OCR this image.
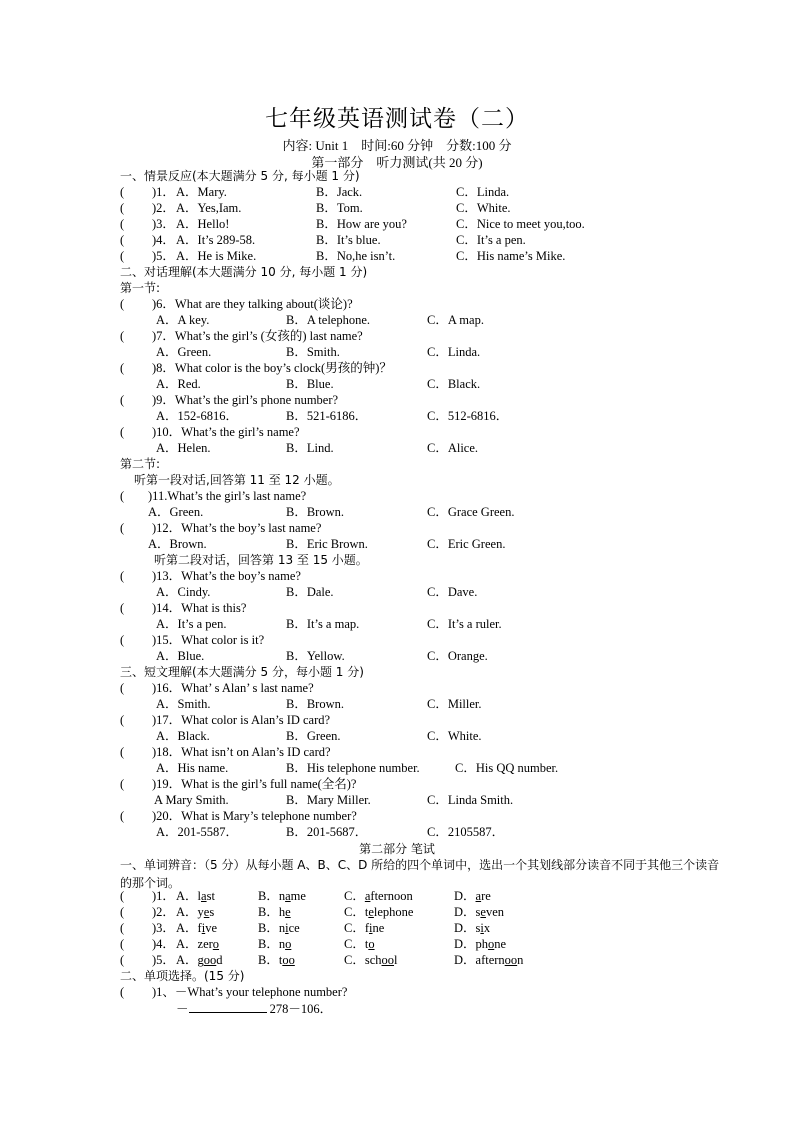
七年级英语测试卷（二）
内容: Unit 1　时间:60 分钟　分数:100 分
第一部分　听力测试(共 20 分)
一、情景反应(本大题满分 5 分, 每小题 1 分)
( )1． A．Mary.	B．Jack.	C．Linda.
( )2． A．Yes,Iam.	B．Tom.	C．White.
( )3． A．Hello!	B．How are you?	C．Nice to meet you,too.
( )4． A．It’s 289-58.	B．It’s blue.	C．It’s a pen.
( )5． A．He is Mike.	B．No,he isn’t.	C．His name’s Mike.
二、对话理解(本大题满分 10 分, 每小题 1 分)
第一节:
( )6．What are they talking about(谈论)?
A．A key.	B．A telephone.	C．A map.
( )7．What’s the girl’s (女孩的) last name?
A．Green.	B．Smith.	C．Linda.
( )8．What color is the boy’s clock(男孩的钟)？
A．Red.	B．Blue.	C．Black.
( )9．What’s the girl’s phone number?
A．152-6816．	B．521-6186．	C．512-6816．
( )10．What’s the girl’s name?
A．Helen.	B．Lind.	C．Alice.
第二节:
听第一段对话,回答第 11 至 12 小题。
( )11.What’s the girl’s last name?
A．Green.	B．Brown.	C．Grace Green.
( )12．What’s the boy’s last name?
A．Brown.	B．Eric Brown.	C．Eric Green.
听第二段对话，回答第 13 至 15 小题。
( )13．What’s the boy’s name?
A．Cindy.	B．Dale.	C．Dave.
( )14．What is this?
A．It’s a pen.	B．It’s a map.	C．It’s a ruler.
( )15．What color is it?
A．Blue.	B．Yellow.	C．Orange.
三、短文理解(本大题满分 5 分，每小题 1 分)
( )16．What’ s Alan’ s last name?
A．Smith.	B．Brown.	C．Miller.
( )17．What color is Alan’s ID card?
A．Black.	B．Green.	C．White.
( )18．What isn’t on Alan’s ID card?
A．His name.	B．His telephone number.	C．His QQ number.
( )19．What is the girl’s full name(全名)?
A Mary Smith.	B．Mary Miller.	C．Linda Smith.
( )20．What is Mary’s telephone number?
A．201-5587．	B．201-5687．	C．2105587．
第二部分 笔试
一、单词辨音：（5 分）从每小题 A、B、C、D 所给的四个单词中，选出一个其划线部分读音不同于其他三个读音的那个词。
( )1． A．last	B．name	C．afternoon	D．are
( )2． A．yes	B．he	C．telephone	D．seven
( )3． A．five	B．nice	C．fine	D．six
( )4． A．zero	B．no	C．to	D．phone
( )5． A．good	B．too	C．school	D．afternoon
二、单项选择。(15 分)
( )1、－What’s your telephone number?
－	278－106．
